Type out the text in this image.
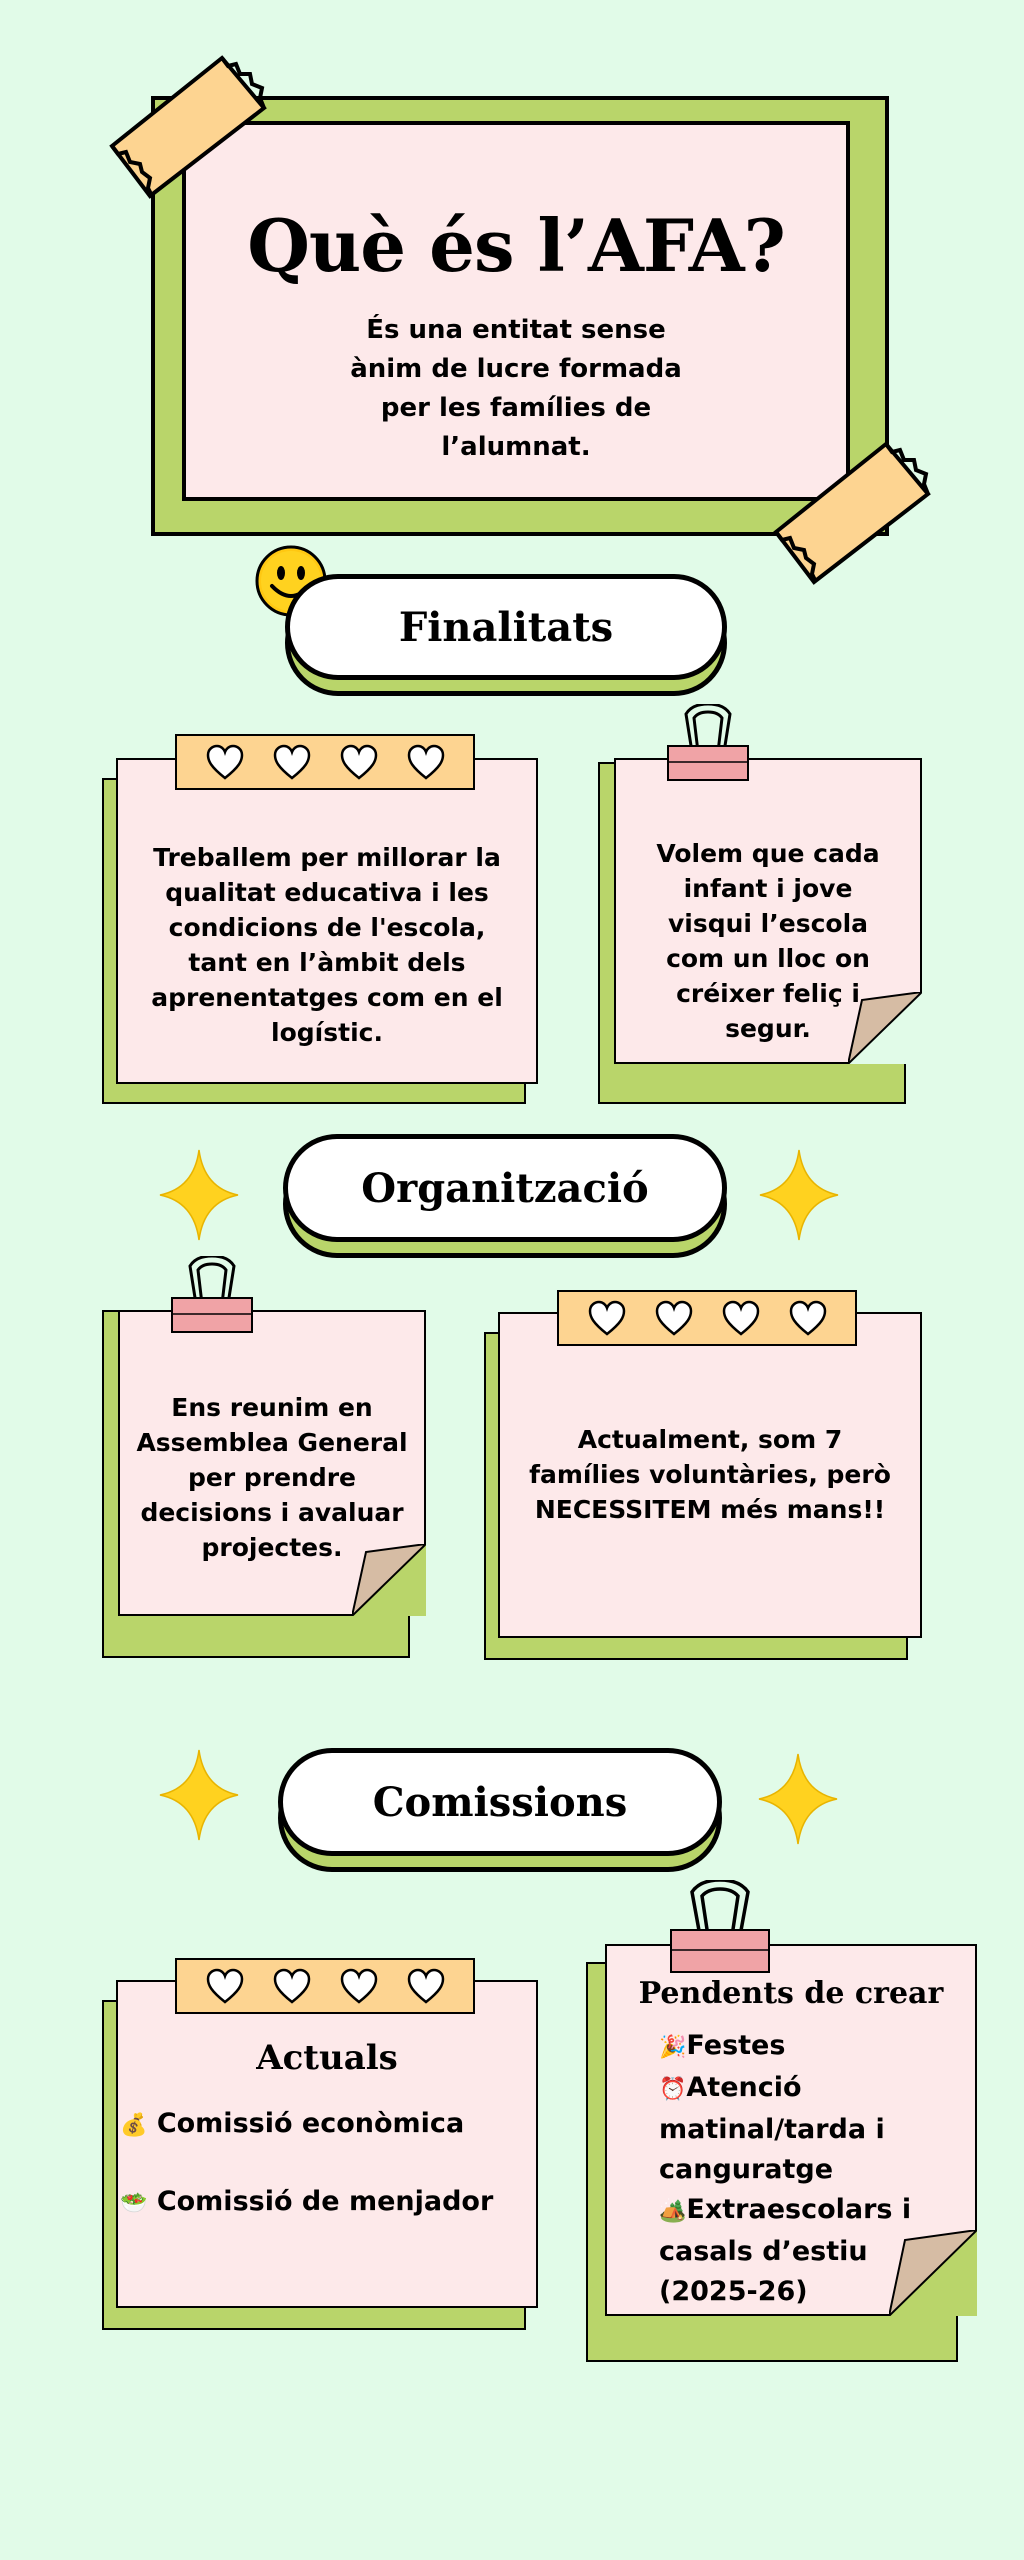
Què és l’AFA?
És una entitat sense ànim de lucre formada per les famílies de l’alumnat.
Finalitats
Treballem per millorar la qualitat educativa i les condicions de l'escola, tant en l’àmbit dels aprenentatges com en el logístic.
Volem que cada infant i jove visqui l’escola com un lloc on créixer feliç i segur.
Organització
Ens reunim en Assemblea General per prendre decisions i avaluar projectes.
Actualment, som 7 famílies voluntàries, però NECESSITEM més mans!!
Comissions
Actuals
💰 Comissió econòmica
🥗 Comissió de menjador
Pendents de crear
🎉Festes
⏰Atenció matinal/tarda i canguratge
🏕️Extraescolars i casals d’estiu (2025-26)
